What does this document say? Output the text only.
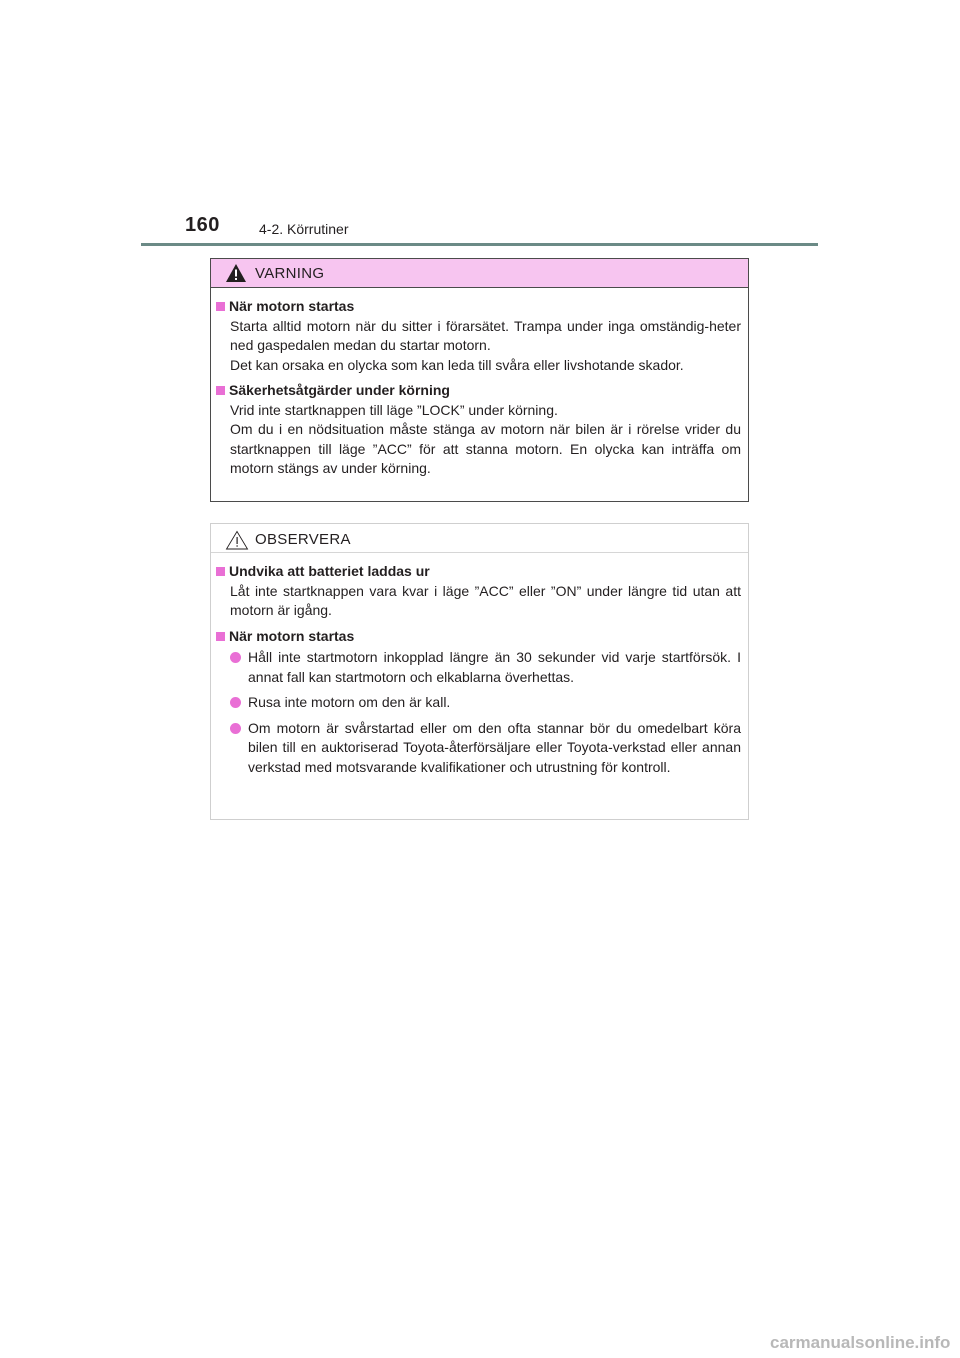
160	4-2. Körrutiner
VARNING
När motorn startas
Starta alltid motorn när du sitter i förarsätet. Trampa under inga omständig-heter ned gaspedalen medan du startar motorn.
Det kan orsaka en olycka som kan leda till svåra eller livshotande skador.
Säkerhetsåtgärder under körning
Vrid inte startknappen till läge ”LOCK” under körning.
Om du i en nödsituation måste stänga av motorn när bilen är i rörelse vrider du startknappen till läge ”ACC” för att stanna motorn. En olycka kan inträffa om motorn stängs av under körning.
OBSERVERA
Undvika att batteriet laddas ur
Låt inte startknappen vara kvar i läge ”ACC” eller ”ON” under längre tid utan att motorn är igång.
När motorn startas
Håll inte startmotorn inkopplad längre än 30 sekunder vid varje startförsök. I annat fall kan startmotorn och elkablarna överhettas.
Rusa inte motorn om den är kall.
Om motorn är svårstartad eller om den ofta stannar bör du omedelbart köra bilen till en auktoriserad Toyota-återförsäljare eller Toyota-verkstad eller annan verkstad med motsvarande kvalifikationer och utrustning för kontroll.
carmanualsonline.info
